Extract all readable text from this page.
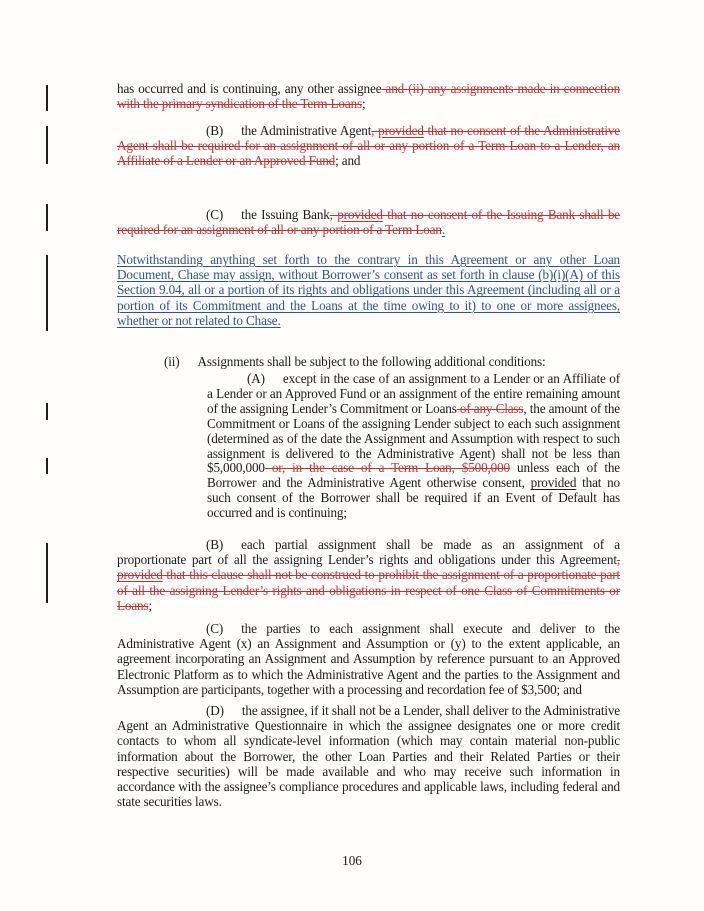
has occurred and is continuing, any other assignee and (ii) any assignments made in connection with the primary syndication of the Term Loans;
(B) the Administrative Agent, provided that no consent of the Administrative Agent shall be required for an assignment of all or any portion of a Term Loan to a Lender, an Affiliate of a Lender or an Approved Fund; and
(C) the Issuing Bank, provided that no consent of the Issuing Bank shall be required for an assignment of all or any portion of a Term Loan.
Notwithstanding anything set forth to the contrary in this Agreement or any other Loan Document, Chase may assign, without Borrower’s consent as set forth in clause (b)(i)(A) of this Section 9.04, all or a portion of its rights and obligations under this Agreement (including all or a portion of its Commitment and the Loans at the time owing to it) to one or more assignees, whether or not related to Chase.
(ii) Assignments shall be subject to the following additional conditions:
(A) except in the case of an assignment to a Lender or an Affiliate of a Lender or an Approved Fund or an assignment of the entire remaining amount of the assigning Lender’s Commitment or Loans of any Class, the amount of the Commitment or Loans of the assigning Lender subject to each such assignment (determined as of the date the Assignment and Assumption with respect to such assignment is delivered to the Administrative Agent) shall not be less than $5,000,000 or, in the case of a Term Loan, $500,000 unless each of the Borrower and the Administrative Agent otherwise consent, provided that no such consent of the Borrower shall be required if an Event of Default has occurred and is continuing;
(B) each partial assignment shall be made as an assignment of a proportionate part of all the assigning Lender’s rights and obligations under this Agreement, provided that this clause shall not be construed to prohibit the assignment of a proportionate part of all the assigning Lender’s rights and obligations in respect of one Class of Commitments or Loans;
(C) the parties to each assignment shall execute and deliver to the Administrative Agent (x) an Assignment and Assumption or (y) to the extent applicable, an agreement incorporating an Assignment and Assumption by reference pursuant to an Approved Electronic Platform as to which the Administrative Agent and the parties to the Assignment and Assumption are participants, together with a processing and recordation fee of $3,500; and
(D) the assignee, if it shall not be a Lender, shall deliver to the Administrative Agent an Administrative Questionnaire in which the assignee designates one or more credit contacts to whom all syndicate-level information (which may contain material non-public information about the Borrower, the other Loan Parties and their Related Parties or their respective securities) will be made available and who may receive such information in accordance with the assignee’s compliance procedures and applicable laws, including federal and state securities laws.
106
